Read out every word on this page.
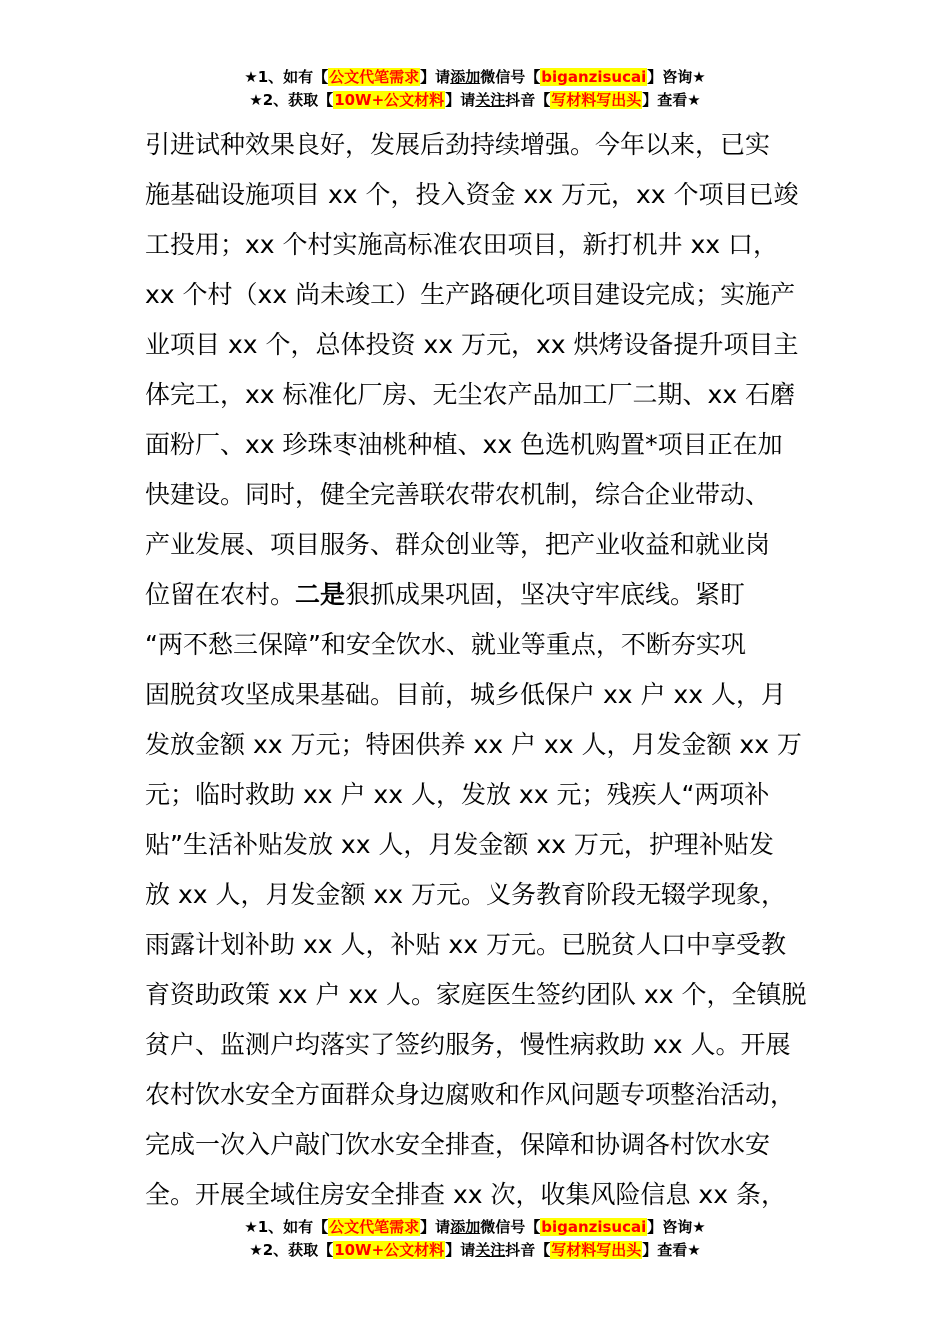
★1、如有【公文代笔需求】请添加微信号【biganzisucai】咨询★
★2、获取【10W+公文材料】请关注抖音【写材料写出头】查看★
引进试种效果良好，发展后劲持续增强。今年以来，已实
施基础设施项目 xx 个，投入资金 xx 万元，xx 个项目已竣
工投用；xx 个村实施高标准农田项目，新打机井 xx 口，
xx 个村（xx 尚未竣工）生产路硬化项目建设完成；实施产
业项目 xx 个，总体投资 xx 万元，xx 烘烤设备提升项目主
体完工，xx 标准化厂房、无尘农产品加工厂二期、xx 石磨
面粉厂、xx 珍珠枣油桃种植、xx 色选机购置*项目正在加
快建设。同时，健全完善联农带农机制，综合企业带动、
产业发展、项目服务、群众创业等，把产业收益和就业岗
位留在农村。二是狠抓成果巩固，坚决守牢底线。紧盯
“两不愁三保障”和安全饮水、就业等重点，不断夯实巩
固脱贫攻坚成果基础。目前，城乡低保户 xx 户 xx 人，月
发放金额 xx 万元；特困供养 xx 户 xx 人，月发金额 xx 万
元；临时救助 xx 户 xx 人，发放 xx 元；残疾人“两项补
贴”生活补贴发放 xx 人，月发金额 xx 万元，护理补贴发
放 xx 人，月发金额 xx 万元。义务教育阶段无辍学现象，
雨露计划补助 xx 人，补贴 xx 万元。已脱贫人口中享受教
育资助政策 xx 户 xx 人。家庭医生签约团队 xx 个，全镇脱
贫户、监测户均落实了签约服务，慢性病救助 xx 人。开展
农村饮水安全方面群众身边腐败和作风问题专项整治活动，
完成一次入户敲门饮水安全排查，保障和协调各村饮水安
全。开展全域住房安全排查 xx 次，收集风险信息 xx 条，
★1、如有【公文代笔需求】请添加微信号【biganzisucai】咨询★
★2、获取【10W+公文材料】请关注抖音【写材料写出头】查看★
